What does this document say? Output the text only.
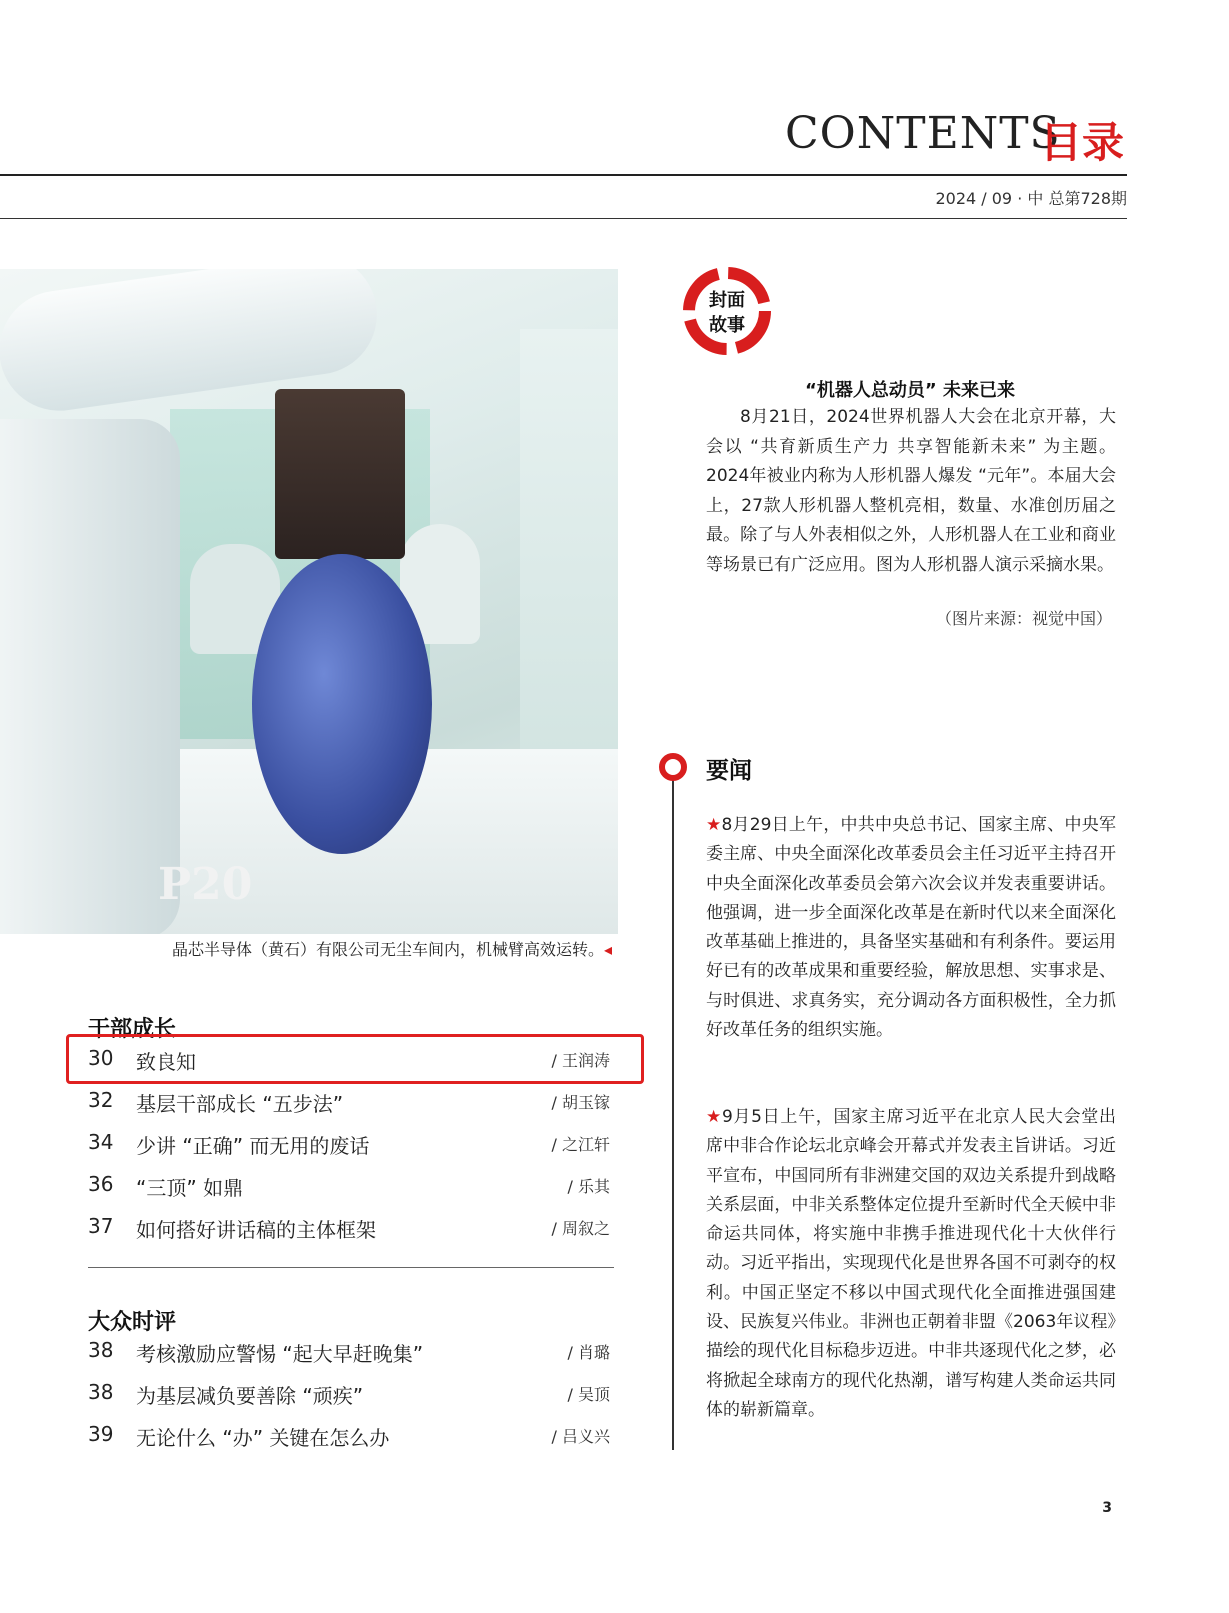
CONTENTS
目录
2024 / 09 · 中 总第728期
P20
晶芯半导体（黄石）有限公司无尘车间内，机械臂高效运转。◂
干部成长
30 致良知	/ 王润涛
32 基层干部成长 “五步法”	/ 胡玉镓
34 少讲 “正确” 而无用的废话	/ 之江轩
36 “三顶” 如鼎	/ 乐其
37 如何搭好讲话稿的主体框架	/ 周叙之
大众时评
38 考核激励应警惕 “起大早赶晚集”	/ 肖璐
38 为基层减负要善除 “顽疾”	/ 吴顶
39 无论什么 “办” 关键在怎么办	/ 吕义兴
封面
故事
“机器人总动员” 未来已来
8月21日，2024世界机器人大会在北京开幕，大会以 “共育新质生产力 共享智能新未来” 为主题。2024年被业内称为人形机器人爆发 “元年”。本届大会上，27款人形机器人整机亮相，数量、水准创历届之最。除了与人外表相似之外，人形机器人在工业和商业等场景已有广泛应用。图为人形机器人演示采摘水果。
（图片来源：视觉中国）
要闻
★8月29日上午，中共中央总书记、国家主席、中央军委主席、中央全面深化改革委员会主任习近平主持召开中央全面深化改革委员会第六次会议并发表重要讲话。他强调，进一步全面深化改革是在新时代以来全面深化改革基础上推进的，具备坚实基础和有利条件。要运用好已有的改革成果和重要经验，解放思想、实事求是、与时俱进、求真务实，充分调动各方面积极性，全力抓好改革任务的组织实施。
★9月5日上午，国家主席习近平在北京人民大会堂出席中非合作论坛北京峰会开幕式并发表主旨讲话。习近平宣布，中国同所有非洲建交国的双边关系提升到战略关系层面，中非关系整体定位提升至新时代全天候中非命运共同体，将实施中非携手推进现代化十大伙伴行动。习近平指出，实现现代化是世界各国不可剥夺的权利。中国正坚定不移以中国式现代化全面推进强国建设、民族复兴伟业。非洲也正朝着非盟《2063年议程》描绘的现代化目标稳步迈进。中非共逐现代化之梦，必将掀起全球南方的现代化热潮，谱写构建人类命运共同体的崭新篇章。
3
